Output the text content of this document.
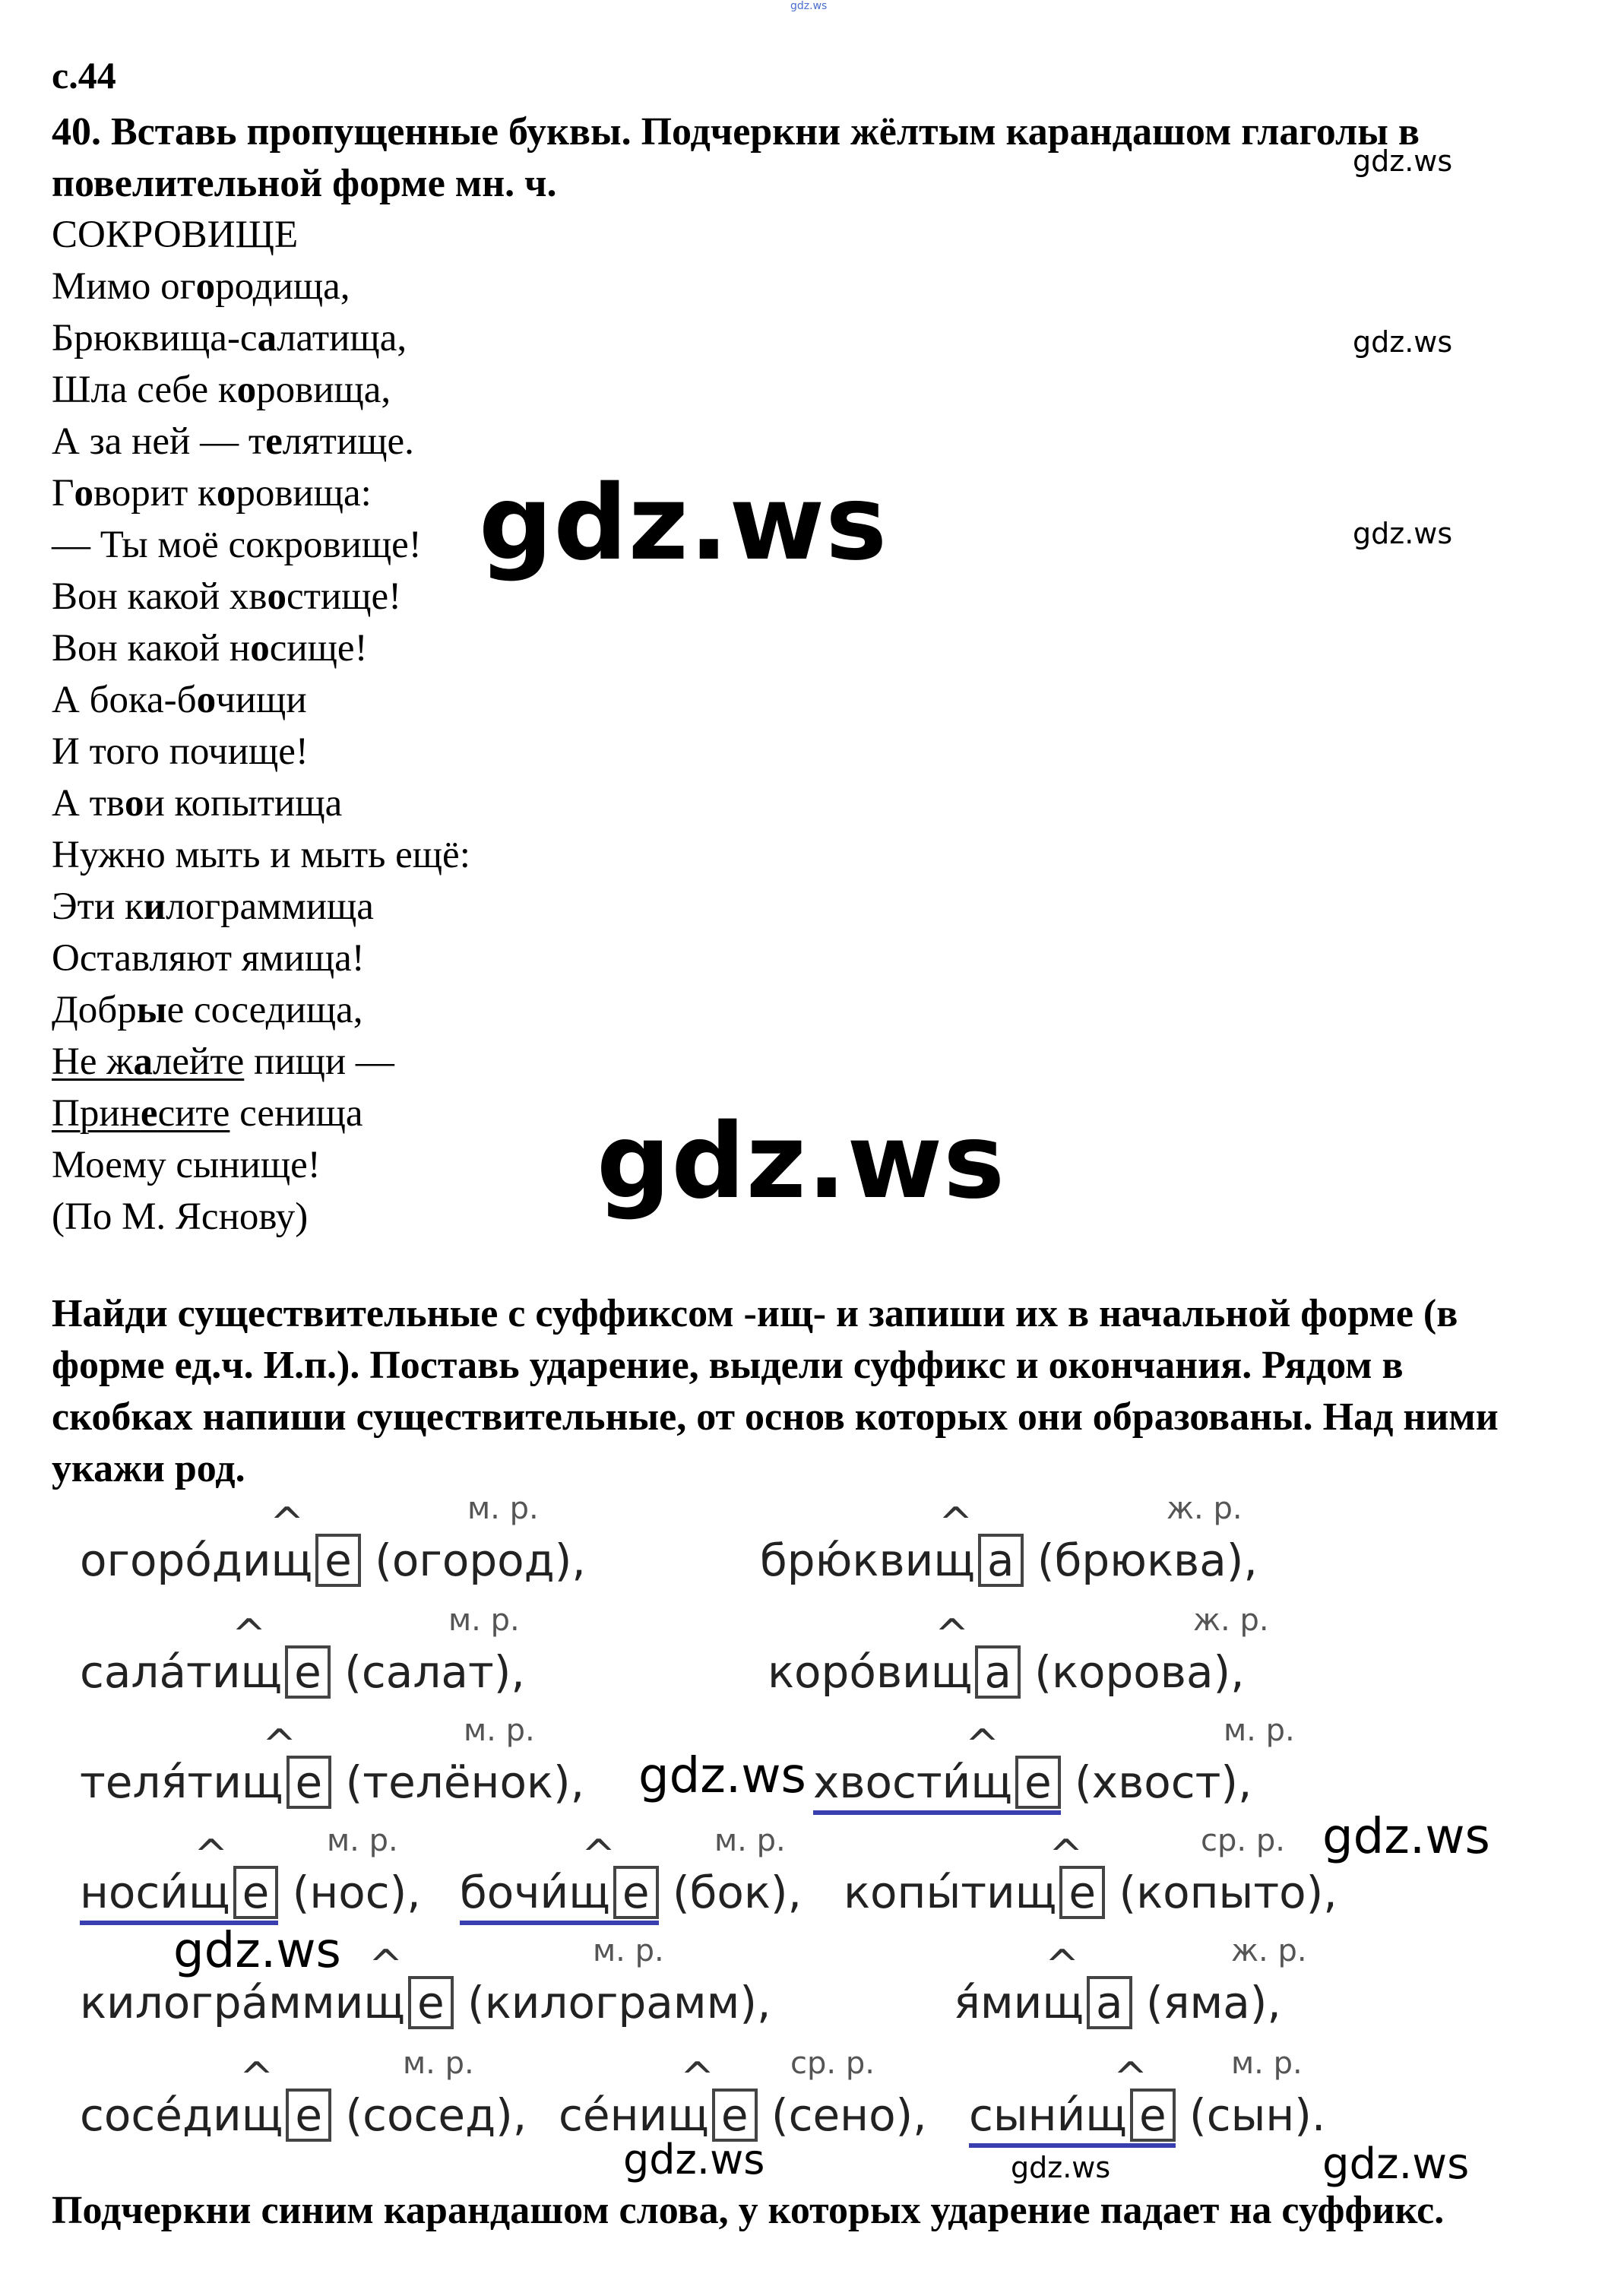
gdz.ws
gdz.ws
gdz.ws
gdz.ws
gdz.ws
gdz.ws
с.44
40. Вставь пропущенные буквы. Подчеркни жёлтым карандашом глаголы в повелительной форме мн. ч.
СОКРОВИЩЕ
Мимо огородища,
Брюквища-салатища,
Шла себе коровища,
А за ней — телятище.
Говорит коровища:
— Ты моё сокровище!
Вон какой хвостище!
Вон какой носище!
А бока-бочищи
И того почище!
А твои копытища
Нужно мыть и мыть ещё:
Эти килограммища
Оставляют ямища!
Добрые соседища,
Не жалейте пищи —
Принесите сенища
Моему сынище!
(По М. Яснову)
Найди существительные с суффиксом -ищ- и запиши их в начальной форме (в форме ед.ч. И.п.). Поставь ударение, выдели суффикс и окончания. Рядом в скобках напиши существительные, от основ которых они образованы. Над ними укажи род.
огоро́дищ
^
е (огород),
м. р.
брю́квищ
^
а (брюква),
ж. р.
сала́тищ
^
е (салат),
м. р.
коро́вищ
^
а (корова),
ж. р.
теля́тищ
^
е (телёнок),
м. р.
хвости́щ
^
е (хвост),
м. р.
носи́щ
^
е (нос),
м. р.
бочи́щ
^
е (бок),
м. р.
копы́тищ
^
е (копыто),
ср. р.
килогра́ммищ
^
е (килограмм),
м. р.
я́мищ
^
а (яма),
ж. р.
сосе́дищ
^
е (сосед),
м. р.
се́нищ
^
е (сено),
ср. р.
сыни́щ
^
е (сын).
м. р.
gdz.ws
gdz.ws
gdz.ws
gdz.ws	gdz.ws	gdz.ws
Подчеркни синим карандашом слова, у которых ударение падает на суффикс.
